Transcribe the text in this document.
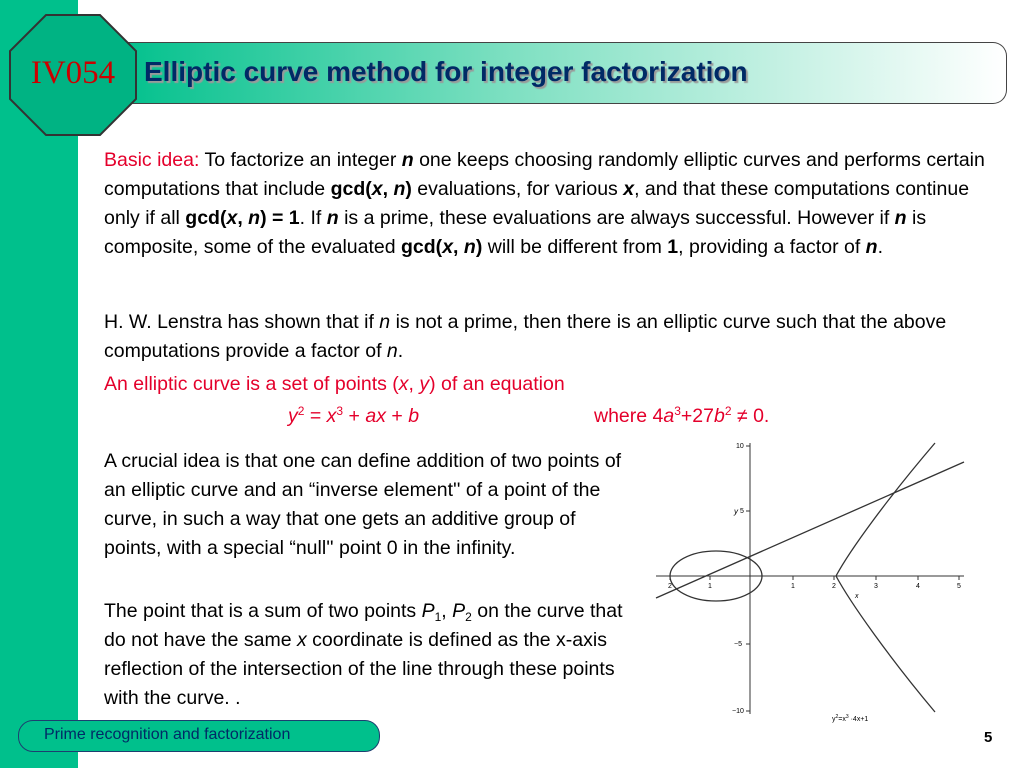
IV054	Elliptic curve method for integer factorization
Basic idea: To factorize an integer n one keeps choosing randomly elliptic curves and performs certain computations that include gcd(x, n) evaluations, for various x, and that these computations continue only if all gcd(x, n) = 1. If n is a prime, these evaluations are always successful. However if n is composite, some of the evaluated gcd(x, n) will be different from 1, providing a factor of n.
H. W. Lenstra has shown that if n is not a prime, then there is an elliptic curve such that the above computations provide a factor of n.
An elliptic curve is a set of points (x, y) of an equation
$y^2 = x^3$ + ax + b	where $4a^3+27b^2 \ne 0$.
A crucial idea is that one can define addition of two points of an elliptic curve and an “inverse element'' of a point of the curve, in such a way that one gets an additive group of points, with a special “null'' point 0 in the infinity.
The point that is a sum of two points $P_1$, $P_2$ on the curve that do not have the same x coordinate is defined as the x-axis reflection of the intersection of the line through these points with the curve. .
10
5
−5
−10
y
2	1	1	2	3	4	5
x
$y^2=x^3 \cdot 4x+1$
Prime recognition and factorization	5
